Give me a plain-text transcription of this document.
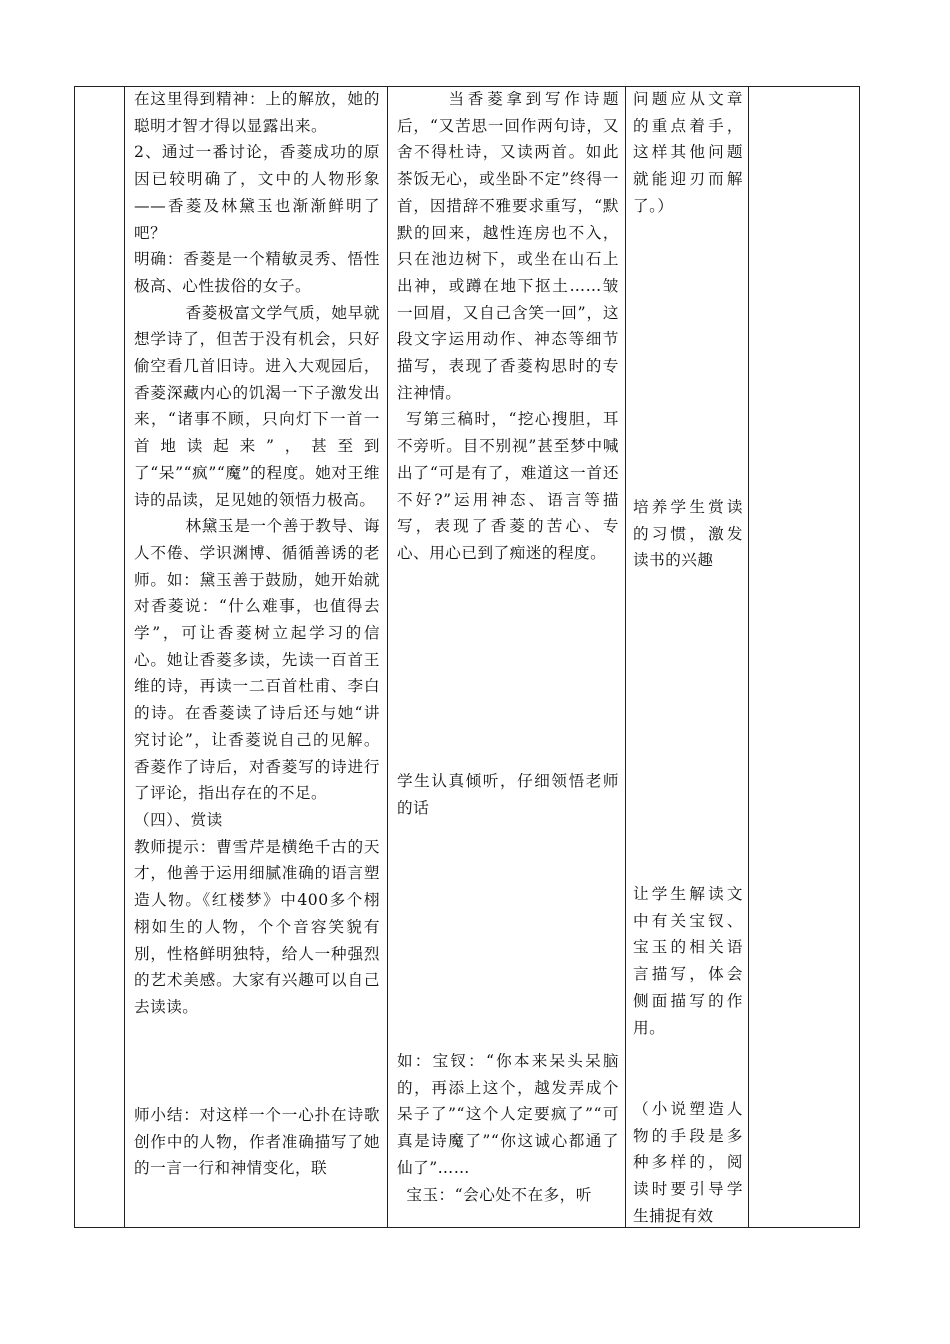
在这里得到精神：上的解放，她的聪明才智才得以显露出来。

2、通过一番讨论，香菱成功的原因已较明确了，文中的人物形象——香菱及林黛玉也渐渐鲜明了吧？

明确：香菱是一个精敏灵秀、悟性极高、心性拔俗的女子。

香菱极富文学气质，她早就想学诗了，但苦于没有机会，只好偷空看几首旧诗。进入大观园后，香菱深藏内心的饥渴一下子激发出来，“诸事不顾，只向灯下一首一首地读起来”，甚至到了“呆”“疯”“魔”的程度。她对王维诗的品读，足见她的领悟力极高。

林黛玉是一个善于教导、诲人不倦、学识渊博、循循善诱的老师。如：黛玉善于鼓励，她开始就对香菱说：“什么难事，也值得去学”，可让香菱树立起学习的信心。她让香菱多读，先读一百首王维的诗，再读一二百首杜甫、李白的诗。在香菱读了诗后还与她“讲究讨论”，让香菱说自己的见解。香菱作了诗后，对香菱写的诗进行了评论，指出存在的不足。

（四）、赏读

教师提示：曹雪芹是横绝千古的天才，他善于运用细腻准确的语言塑造人物。《红楼梦》中400多个栩栩如生的人物，个个音容笑貌有別，性格鲜明独特，给人一种强烈的艺术美感。大家有兴趣可以自己去读读。

师小结：对这样一个一心扑在诗歌创作中的人物，作者准确描写了她的一言一行和神情变化，联

当香菱拿到写作诗题后，“又苦思一回作两句诗，又舍不得杜诗，又读两首。如此茶饭无心，或坐卧不定”终得一首，因措辞不雅要求重写，“默默的回来，越性连房也不入，只在池边树下，或坐在山石上出神，或蹲在地下抠土……皱一回眉，又自己含笑一回”，这段文字运用动作、神态等细节描写，表现了香菱构思时的专注神情。

写第三稿时，“挖心搜胆，耳不旁听。目不别视”甚至梦中喊出了“可是有了，难道这一首还不好?”运用神态、语言等描写，表现了香菱的苦心、专心、用心已到了痴迷的程度。

学生认真倾听，仔细领悟老师的话

如：宝钗：“你本来呆头呆脑的，再添上这个，越发弄成个呆子了”“这个人定要疯了”“可真是诗魔了”“你这诚心都通了仙了”……

宝玉：“会心处不在多，听

问题应从文章的重点着手，这样其他问题就能迎刃而解了。）

培养学生赏读的习惯，激发读书的兴趣

让学生解读文中有关宝钗、宝玉的相关语言描写，体会侧面描写的作用。

（小说塑造人物的手段是多种多样的，阅读时要引导学生捕捉有效
